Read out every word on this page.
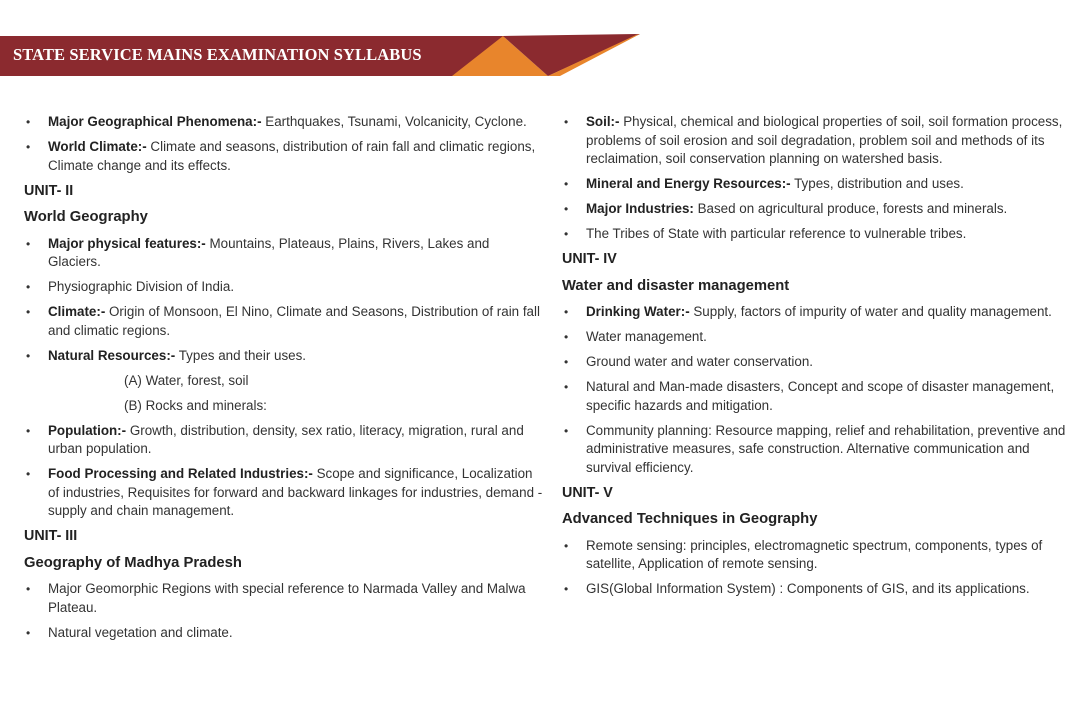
STATE SERVICE MAINS EXAMINATION SYLLABUS
• Major Geographical Phenomena:- Earthquakes, Tsunami, Volcanicity, Cyclone.
• World Climate:- Climate and seasons, distribution of rain fall and climatic regions, Climate change and its effects.
UNIT- II
World Geography
• Major physical features:- Mountains, Plateaus, Plains, Rivers, Lakes and Glaciers.
• Physiographic Division of India.
• Climate:- Origin of Monsoon, El Nino, Climate and Seasons, Distribution of rain fall and climatic regions.
• Natural Resources:- Types and their uses.
(A) Water, forest, soil
(B) Rocks and minerals:
• Population:- Growth, distribution, density, sex ratio, literacy, migration, rural and urban population.
• Food Processing and Related Industries:- Scope and significance, Localization of industries, Requisites for forward and backward linkages for industries, demand - supply and chain management.
UNIT- III
Geography of Madhya Pradesh
• Major Geomorphic Regions with special reference to Narmada Valley and Malwa Plateau.
• Natural vegetation and climate.
• Soil:- Physical, chemical and biological properties of soil, soil formation process, problems of soil erosion and soil degradation, problem soil and methods of its reclaimation, soil conservation planning on watershed basis.
• Mineral and Energy Resources:- Types, distribution and uses.
• Major Industries: Based on agricultural produce, forests and minerals.
• The Tribes of State with particular reference to vulnerable tribes.
UNIT- IV
Water and disaster management
• Drinking Water:- Supply, factors of impurity of water and quality management.
• Water management.
• Ground water and water conservation.
• Natural and Man-made disasters, Concept and scope of disaster management, specific hazards and mitigation.
• Community planning: Resource mapping, relief and rehabilitation, preventive and administrative measures, safe construction. Alternative communication and survival efficiency.
UNIT- V
Advanced Techniques in Geography
• Remote sensing: principles, electromagnetic spectrum, components, types of satellite, Application of remote sensing.
• GIS(Global Information System) : Components of GIS, and its applications.
